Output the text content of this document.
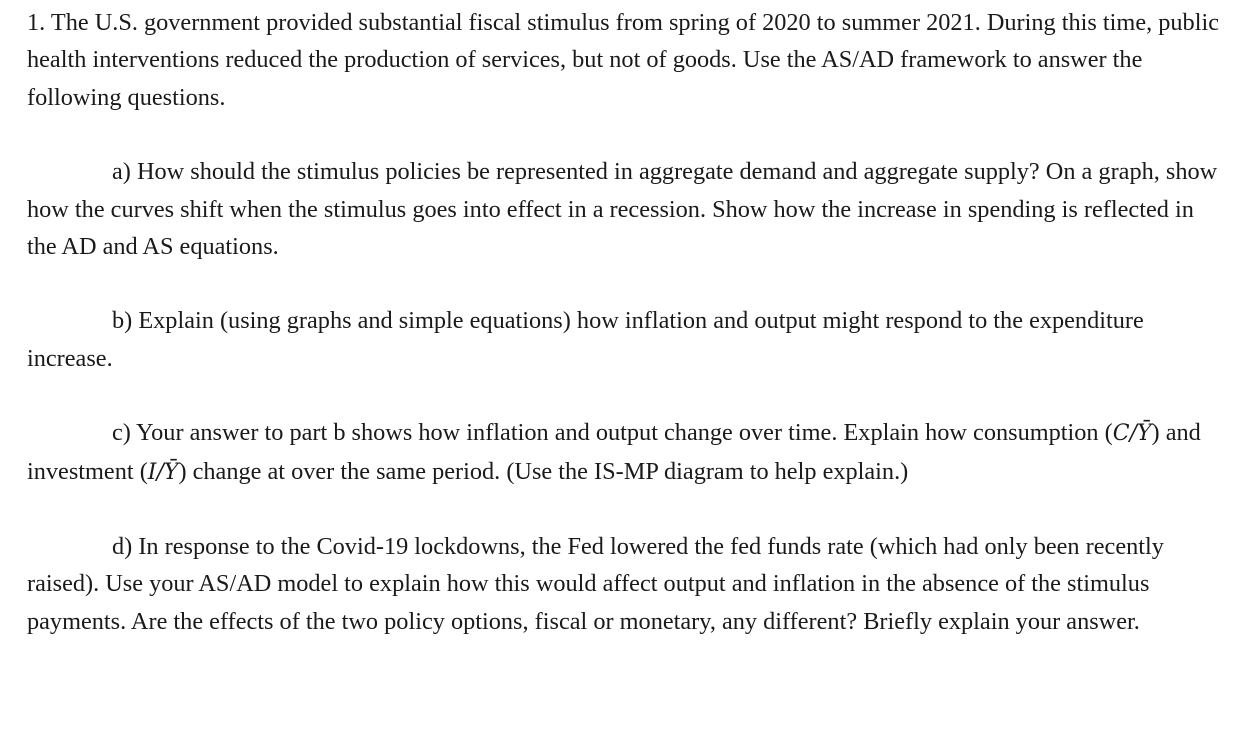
1. The U.S. government provided substantial fiscal stimulus from spring of 2020 to summer 2021. During this time, public health interventions reduced the production of services, but not of goods. Use the AS/AD framework to answer the following questions.

a) How should the stimulus policies be represented in aggregate demand and aggregate supply? On a graph, show how the curves shift when the stimulus goes into effect in a recession. Show how the increase in spending is reflected in the AD and AS equations.

b) Explain (using graphs and simple equations) how inflation and output might respond to the expenditure increase.

c) Your answer to part b shows how inflation and output change over time. Explain how consumption (C/Ȳ) and investment (I/Ȳ) change at over the same period. (Use the IS-MP diagram to help explain.)

d) In response to the Covid-19 lockdowns, the Fed lowered the fed funds rate (which had only been recently raised). Use your AS/AD model to explain how this would affect output and inflation in the absence of the stimulus payments. Are the effects of the two policy options, fiscal or monetary, any different? Briefly explain your answer.
